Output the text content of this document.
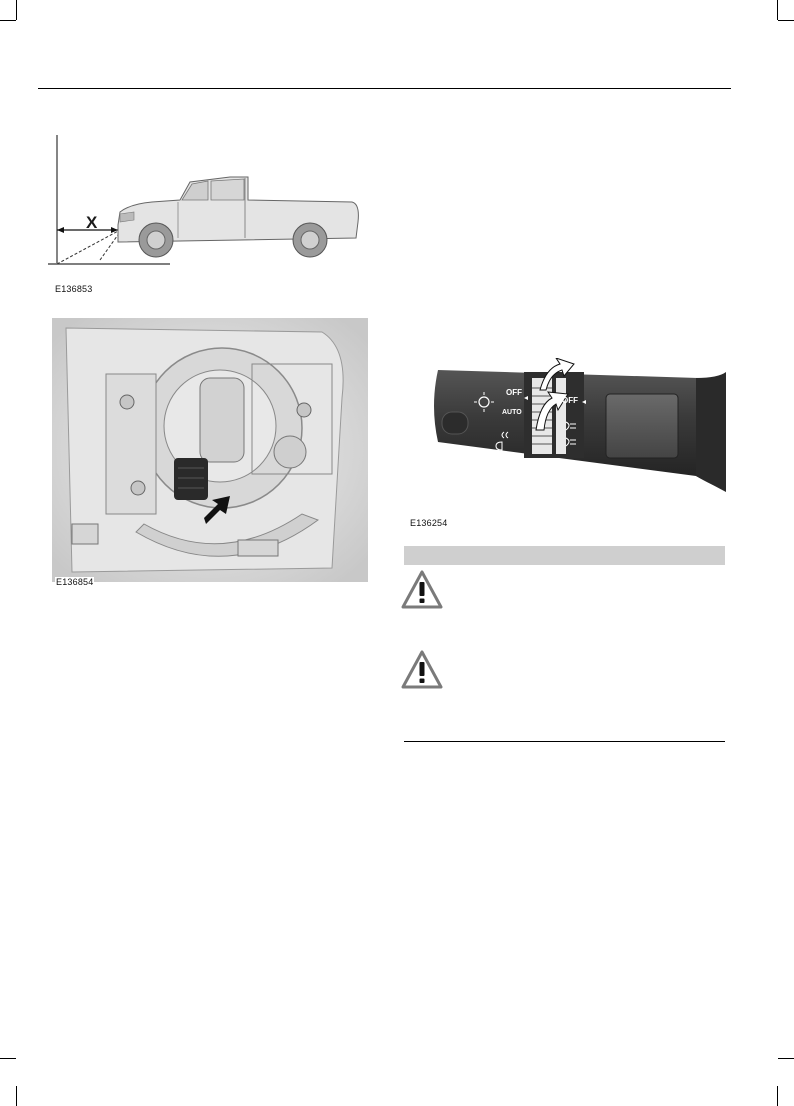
X
E136853
E136854
OFF
AUTO
OFF
E136254
